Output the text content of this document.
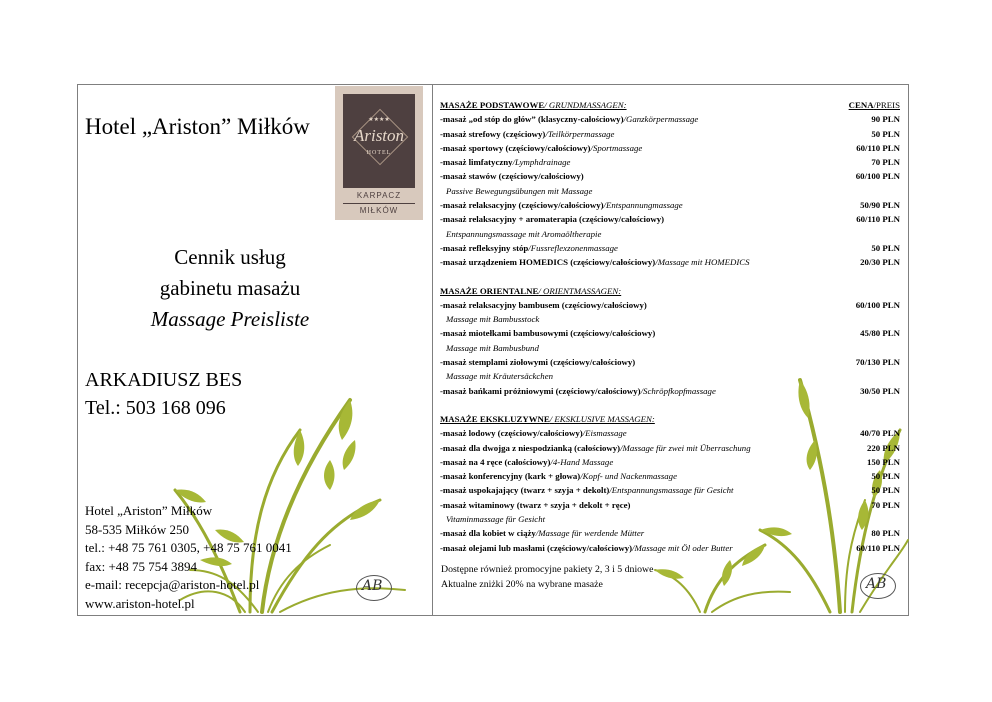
Hotel „Ariston” Miłków	★★★★
Ariston
HOTEL
KARPACZ
MIŁKÓW
Cennik usług
gabinetu masażu
Massage Preisliste
ARKADIUSZ BES
Tel.: 503 168 096
Hotel „Ariston” Miłków
58-535 Miłków 250
tel.: +48 75 761 0305, +48 75 761 0041
fax: +48 75 754 3894
e-mail: recepcja@ariston-hotel.pl
www.ariston-hotel.pl
AB	AB
MASAŻE PODSTAWOWE/ GRUNDMASSAGEN:	CENA/PREIS
-masaż „od stóp do głów” (klasyczny-całościowy)/Ganzkörpermassage	90 PLN
-masaż strefowy (częściowy)/Teilkörpermassage	50 PLN
-masaż sportowy (częściowy/całościowy)/Sportmassage	60/110 PLN
-masaż limfatyczny/Lymphdrainage	70 PLN
-masaż stawów (częściowy/całościowy)	60/100 PLN
Passive Bewegungsübungen mit Massage
-masaż relaksacyjny (częściowy/całościowy)/Entspannungmassage	50/90 PLN
-masaż relaksacyjny + aromaterapia (częściowy/całościowy)	60/110 PLN
Entspannungsmassage mit Aromaöltherapie
-masaż refleksyjny stóp/Fussreflexzonenmassage	50 PLN
-masaż urządzeniem HOMEDICS (częściowy/całościowy)/Massage mit HOMEDICS	20/30 PLN
MASAŻE ORIENTALNE/ ORIENTMASSAGEN:
-masaż relaksacyjny bambusem (częściowy/całościowy)	60/100 PLN
Massage mit Bambusstock
-masaż miotełkami bambusowymi (częściowy/całościowy)	45/80 PLN
Massage mit Bambusbund
-masaż stemplami ziołowymi (częściowy/całościowy)	70/130 PLN
Massage mit Kräutersäckchen
-masaż bańkami próżniowymi (częściowy/całościowy)/Schröpfkopfmassage	30/50 PLN
MASAŻE EKSKLUZYWNE/ EKSKLUSIVE MASSAGEN:
-masaż lodowy (częściowy/całościowy)/Eismassage	40/70 PLN
-masaż dla dwojga z niespodzianką (całościowy)/Massage für zwei mit Überraschung	220 PLN
-masaż na 4 ręce (całościowy)/4-Hand Massage	150 PLN
-masaż konferencyjny (kark + głowa)/Kopf- und Nackenmassage	50 PLN
-masaż uspokajający (twarz + szyja + dekolt)/Entspannungsmassage für Gesicht	50 PLN
-masaż witaminowy (twarz + szyja + dekolt + ręce)	70 PLN
Vitaminmassage für Gesicht
-masaż dla kobiet w ciąży/Massage für werdende Mütter	80 PLN
-masaż olejami lub masłami (częściowy/całościowy)/Massage mit Öl oder Butter	60/110 PLN
Dostępne również promocyjne pakiety 2, 3 i 5 dniowe
Aktualne zniżki 20% na wybrane masaże
